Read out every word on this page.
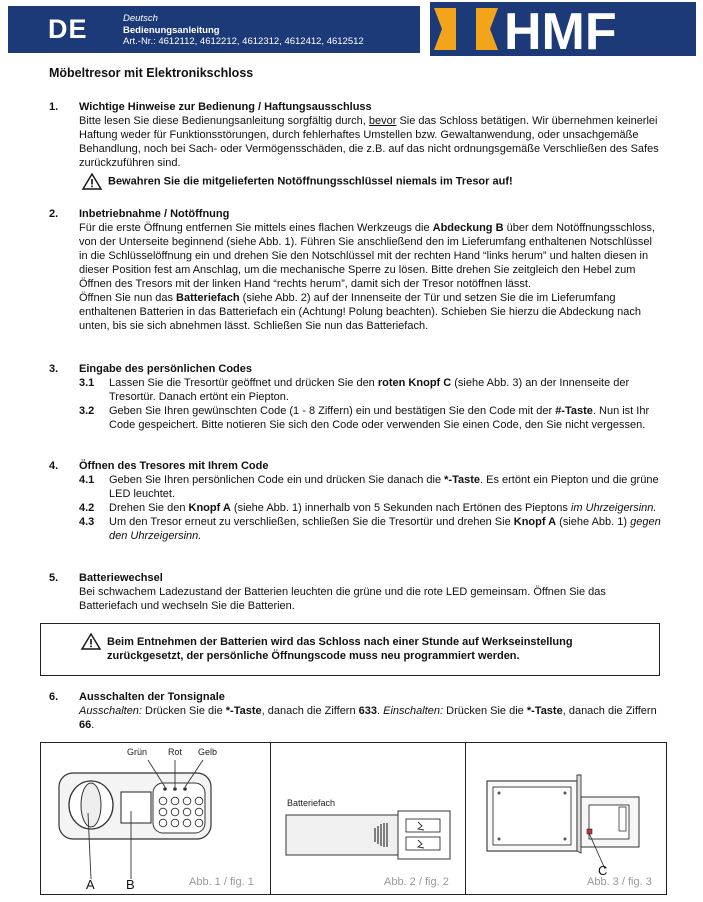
DE	Deutsch
Bedienungsanleitung
Art.-Nr.: 4612112, 4612212, 4612312, 4612412, 4612512	HMF
Möbeltresor mit Elektronikschloss
1. Wichtige Hinweise zur Bedienung / Haftungsausschluss
Bitte lesen Sie diese Bedienungsanleitung sorgfältig durch, bevor Sie das Schloss betätigen. Wir übernehmen keinerlei Haftung weder für Funktionsstörungen, durch fehlerhaftes Umstellen bzw. Gewaltanwendung, oder unsachgemäße Behandlung, noch bei Sach- oder Vermögensschäden, die z.B. auf das nicht ordnungsgemäße Verschließen des Safes zurückzuführen sind.
Bewahren Sie die mitgelieferten Notöffnungsschlüssel niemals im Tresor auf!
2. Inbetriebnahme / Notöffnung
Für die erste Öffnung entfernen Sie mittels eines flachen Werkzeugs die Abdeckung B über dem Notöffnungsschloss, von der Unterseite beginnend (siehe Abb. 1). Führen Sie anschließend den im Lieferumfang enthaltenen Notschlüssel in die Schlüsselöffnung ein und drehen Sie den Notschlüssel mit der rechten Hand “links herum” und halten diesen in dieser Position fest am Anschlag, um die mechanische Sperre zu lösen. Bitte drehen Sie zeitgleich den Hebel zum Öffnen des Tresors mit der linken Hand “rechts herum”, damit sich der Tresor notöffnen lässt.
Öffnen Sie nun das Batteriefach (siehe Abb. 2) auf der Innenseite der Tür und setzen Sie die im Lieferumfang enthaltenen Batterien in das Batteriefach ein (Achtung! Polung beachten). Schieben Sie hierzu die Abdeckung nach unten, bis sie sich abnehmen lässt. Schließen Sie nun das Batteriefach.
3. Eingabe des persönlichen Codes
3.1 Lassen Sie die Tresortür geöffnet und drücken Sie den roten Knopf C (siehe Abb. 3) an der Innenseite der Tresortür. Danach ertönt ein Piepton.
3.2 Geben Sie Ihren gewünschten Code (1 - 8 Ziffern) ein und bestätigen Sie den Code mit der #-Taste. Nun ist Ihr Code gespeichert. Bitte notieren Sie sich den Code oder verwenden Sie einen Code, den Sie nicht vergessen.
4. Öffnen des Tresores mit Ihrem Code
4.1 Geben Sie Ihren persönlichen Code ein und drücken Sie danach die *-Taste. Es ertönt ein Piepton und die grüne LED leuchtet.
4.2 Drehen Sie den Knopf A (siehe Abb. 1) innerhalb von 5 Sekunden nach Ertönen des Pieptons im Uhrzeigersinn.
4.3 Um den Tresor erneut zu verschließen, schließen Sie die Tresortür und drehen Sie Knopf A (siehe Abb. 1) gegen den Uhrzeigersinn.
5. Batteriewechsel
Bei schwachem Ladezustand der Batterien leuchten die grüne und die rote LED gemeinsam. Öffnen Sie das Batteriefach und wechseln Sie die Batterien.
Beim Entnehmen der Batterien wird das Schloss nach einer Stunde auf Werkseinstellung zurückgesetzt, der persönliche Öffnungscode muss neu programmiert werden.
6. Ausschalten der Tonsignale
Ausschalten: Drücken Sie die *-Taste, danach die Ziffern 633. Einschalten: Drücken Sie die *-Taste, danach die Ziffern 66.
Grün Rot Gelb
A B	Abb. 1 / fig. 1
Batteriefach
Abb. 2 / fig. 2
C
Abb. 3 / fig. 3
